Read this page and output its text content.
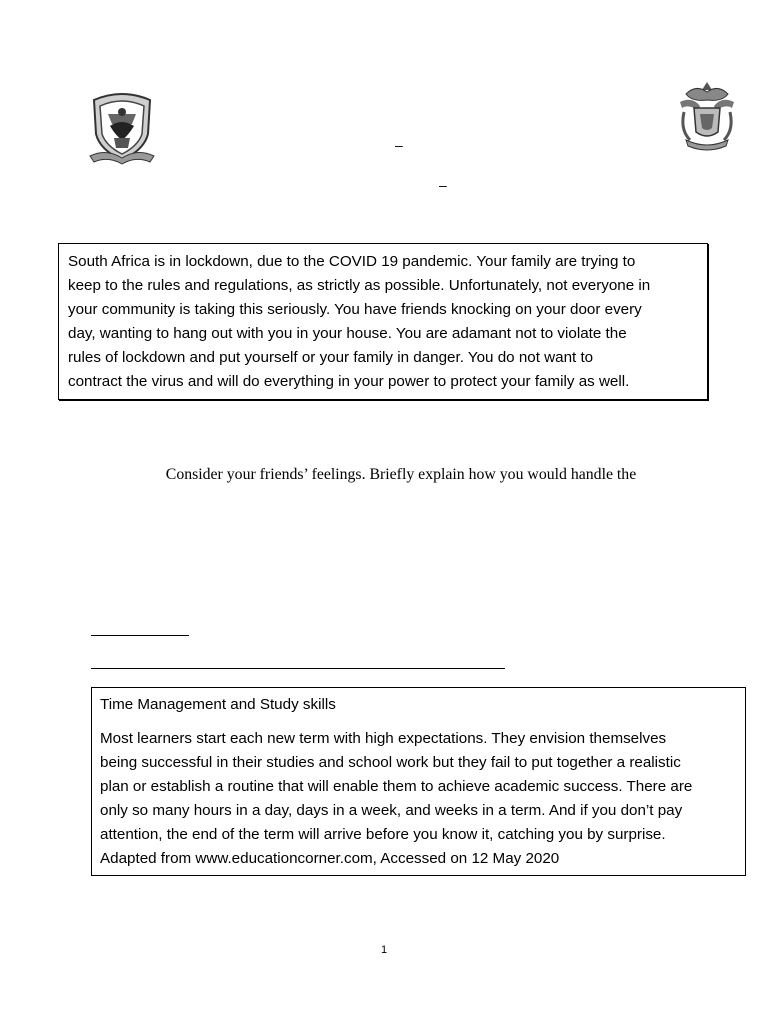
–
–
South Africa is in lockdown, due to the COVID 19 pandemic. Your family are trying to
keep to the rules and regulations, as strictly as possible. Unfortunately, not everyone in
your community is taking this seriously. You have friends knocking on your door every
day, wanting to hang out with you in your house. You are adamant not to violate the
rules of lockdown and put yourself or your family in danger. You do not want to
contract the virus and will do everything in your power to protect your family as well.
Consider your friends’ feelings. Briefly explain how you would handle the
Time Management and Study skills
Most learners start each new term with high expectations. They envision themselves
being successful in their studies and school work but they fail to put together a realistic
plan or establish a routine that will enable them to achieve academic success. There are
only so many hours in a day, days in a week, and weeks in a term. And if you don’t pay
attention, the end of the term will arrive before you know it, catching you by surprise.
Adapted from www.educationcorner.com, Accessed on 12 May 2020
1
